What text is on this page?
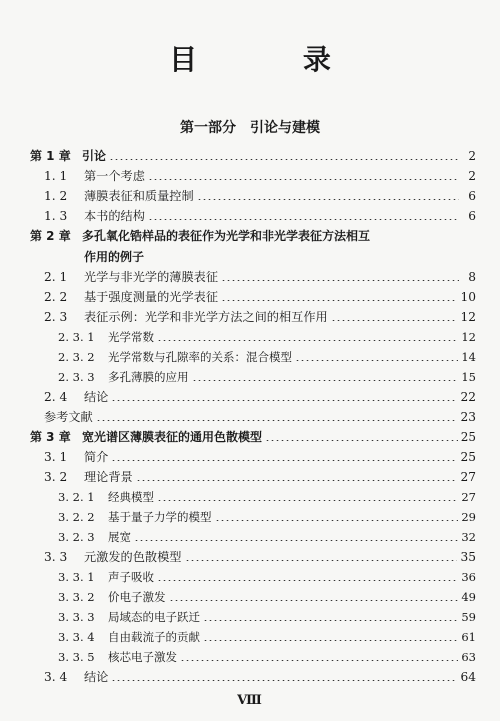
目 录
第一部分 引论与建模
第 1 章 引论	2
1. 1	第一个考虑	2
1. 2	薄膜表征和质量控制	6
1. 3	本书的结构	6
第 2 章 多孔氧化锆样品的表征作为光学和非光学表征方法相互
作用的例子
2. 1	光学与非光学的薄膜表征	8
2. 2	基于强度测量的光学表征	10
2. 3	表征示例：光学和非光学方法之间的相互作用	12
2. 3. 1	光学常数	12
2. 3. 2	光学常数与孔隙率的关系：混合模型	14
2. 3. 3	多孔薄膜的应用	15
2. 4	结论	22
参考文献	23
第 3 章 宽光谱区薄膜表征的通用色散模型	25
3. 1	简介	25
3. 2	理论背景	27
3. 2. 1	经典模型	27
3. 2. 2	基于量子力学的模型	29
3. 2. 3	展宽	32
3. 3	元激发的色散模型	35
3. 3. 1	声子吸收	36
3. 3. 2	价电子激发	49
3. 3. 3	局域态的电子跃迁	59
3. 3. 4	自由载流子的贡献	61
3. 3. 5	核芯电子激发	63
3. 4	结论	64
Ⅷ
